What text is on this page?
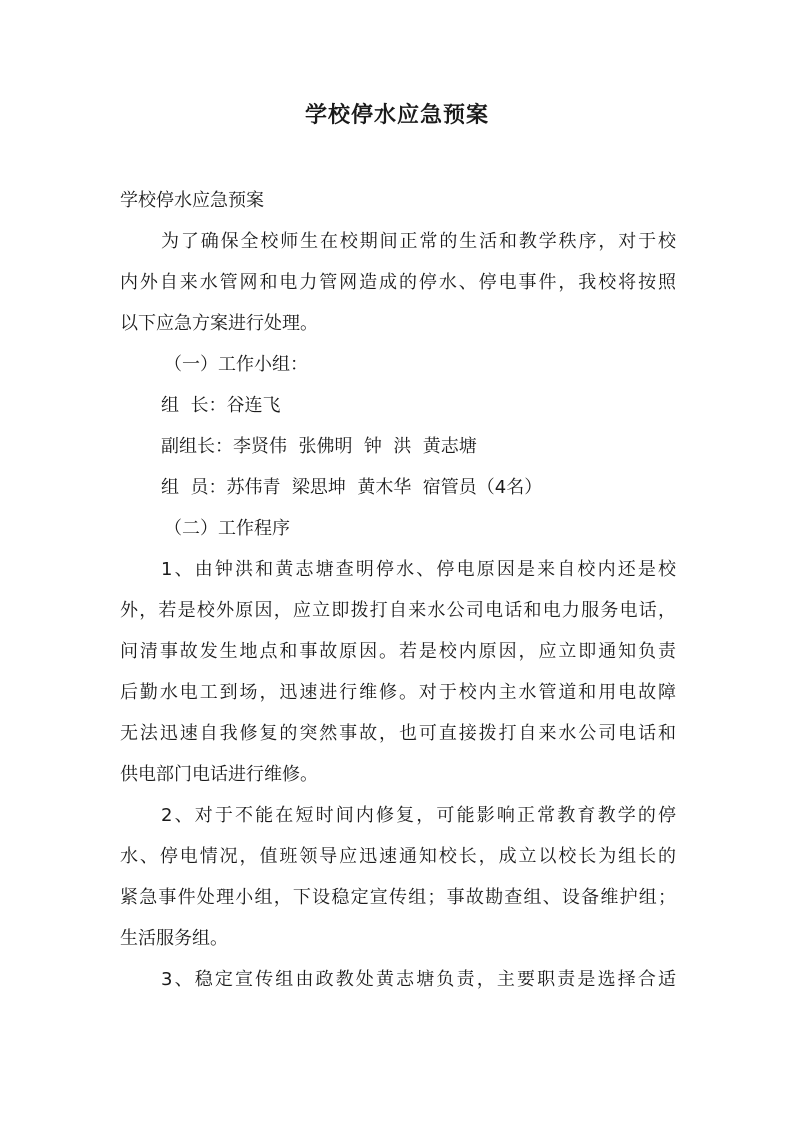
学校停水应急预案
学校停水应急预案
为了确保全校师生在校期间正常的生活和教学秩序，对于校
内外自来水管网和电力管网造成的停水、停电事件，我校将按照
以下应急方案进行处理。
（一）工作小组：
组  长：谷连飞
副组长：李贤伟  张佛明  钟  洪  黄志塘
组  员：苏伟青  梁思坤  黄木华  宿管员（4名）
（二）工作程序
1、由钟洪和黄志塘查明停水、停电原因是来自校内还是校
外，若是校外原因，应立即拨打自来水公司电话和电力服务电话，
问清事故发生地点和事故原因。若是校内原因，应立即通知负责
后勤水电工到场，迅速进行维修。对于校内主水管道和用电故障
无法迅速自我修复的突然事故，也可直接拨打自来水公司电话和
供电部门电话进行维修。
2、对于不能在短时间内修复，可能影响正常教育教学的停
水、停电情况，值班领导应迅速通知校长，成立以校长为组长的
紧急事件处理小组，下设稳定宣传组；事故勘查组、设备维护组；
生活服务组。
3、稳定宣传组由政教处黄志塘负责，主要职责是选择合适
